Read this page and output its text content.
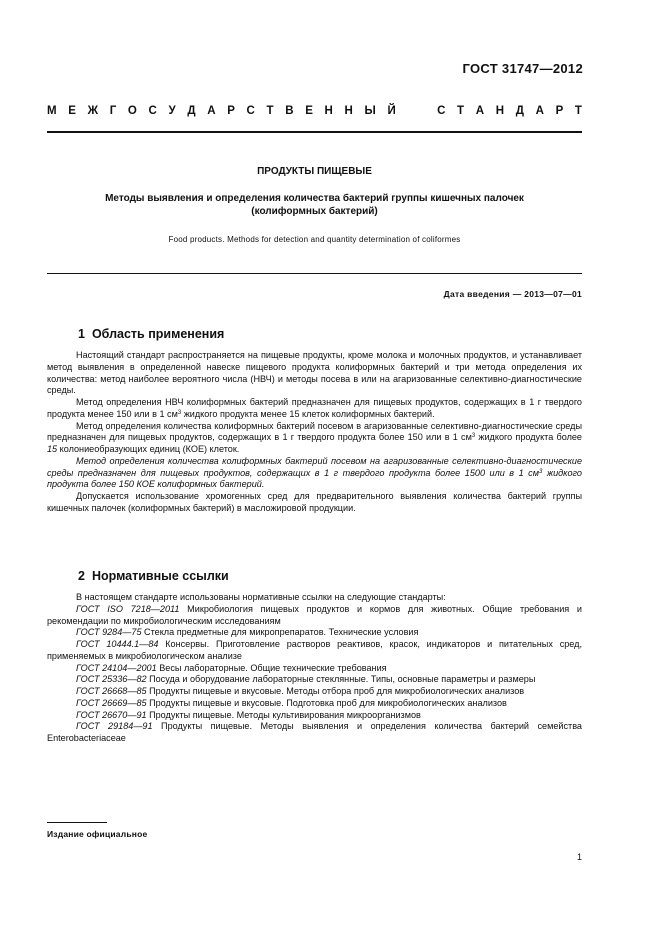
ГОСТ 31747—2012
М Е Ж Г О С У Д А Р С Т В Е Н Н Ы Й	С Т А Н Д А Р Т
ПРОДУКТЫ ПИЩЕВЫЕ
Методы выявления и определения количества бактерий группы кишечных палочек
(колиформных бактерий)
Food products. Methods for detection and quantity determination of coliformes
Дата введения — 2013—07—01
1 Область применения

Настоящий стандарт распространяется на пищевые продукты, кроме молока и молочных продуктов, и устанавливает метод выявления в определенной навеске пищевого продукта колиформных бактерий и три метода определения их количества: метод наиболее вероятного числа (НВЧ) и методы посева в или на агаризованные селективно-диагностические среды.

Метод определения НВЧ колиформных бактерий предназначен для пищевых продуктов, содержащих в 1 г твердого продукта менее 150 или в 1 $см^3$ жидкого продукта менее 15 клеток колиформных бактерий.

Метод определения количества колиформных бактерий посевом в агаризованные селективно-диагностические среды предназначен для пищевых продуктов, содержащих в 1 г твердого продукта более 150 или в 1 $см^3$ жидкого продукта более 15 колониеобразующих единиц (КОЕ) клеток.

Метод определения количества колиформных бактерий посевом на агаризованные селективно-диагностические среды предназначен для пищевых продуктов, содержащих в 1 г твердого продукта более 1500 или в 1 $см^3$ жидкого продукта более 150 КОЕ колиформных бактерий.

Допускается использование хромогенных сред для предварительного выявления количества бактерий группы кишечных палочек (колиформных бактерий) в масложировой продукции.

2 Нормативные ссылки

В настоящем стандарте использованы нормативные ссылки на следующие стандарты:

ГОСТ ISO 7218—2011 Микробиология пищевых продуктов и кормов для животных. Общие требования и рекомендации по микробиологическим исследованиям

ГОСТ 9284—75 Стекла предметные для микропрепаратов. Технические условия

ГОСТ 10444.1—84 Консервы. Приготовление растворов реактивов, красок, индикаторов и питательных сред, применяемых в микробиологическом анализе

ГОСТ 24104—2001 Весы лабораторные. Общие технические требования

ГОСТ 25336—82 Посуда и оборудование лабораторные стеклянные. Типы, основные параметры и размеры

ГОСТ 26668—85 Продукты пищевые и вкусовые. Методы отбора проб для микробиологических анализов

ГОСТ 26669—85 Продукты пищевые и вкусовые. Подготовка проб для микробиологических анализов

ГОСТ 26670—91 Продукты пищевые. Методы культивирования микроорганизмов

ГОСТ 29184—91 Продукты пищевые. Методы выявления и определения количества бактерий семейства Enterobacteriaceae

Издание официальное
1
